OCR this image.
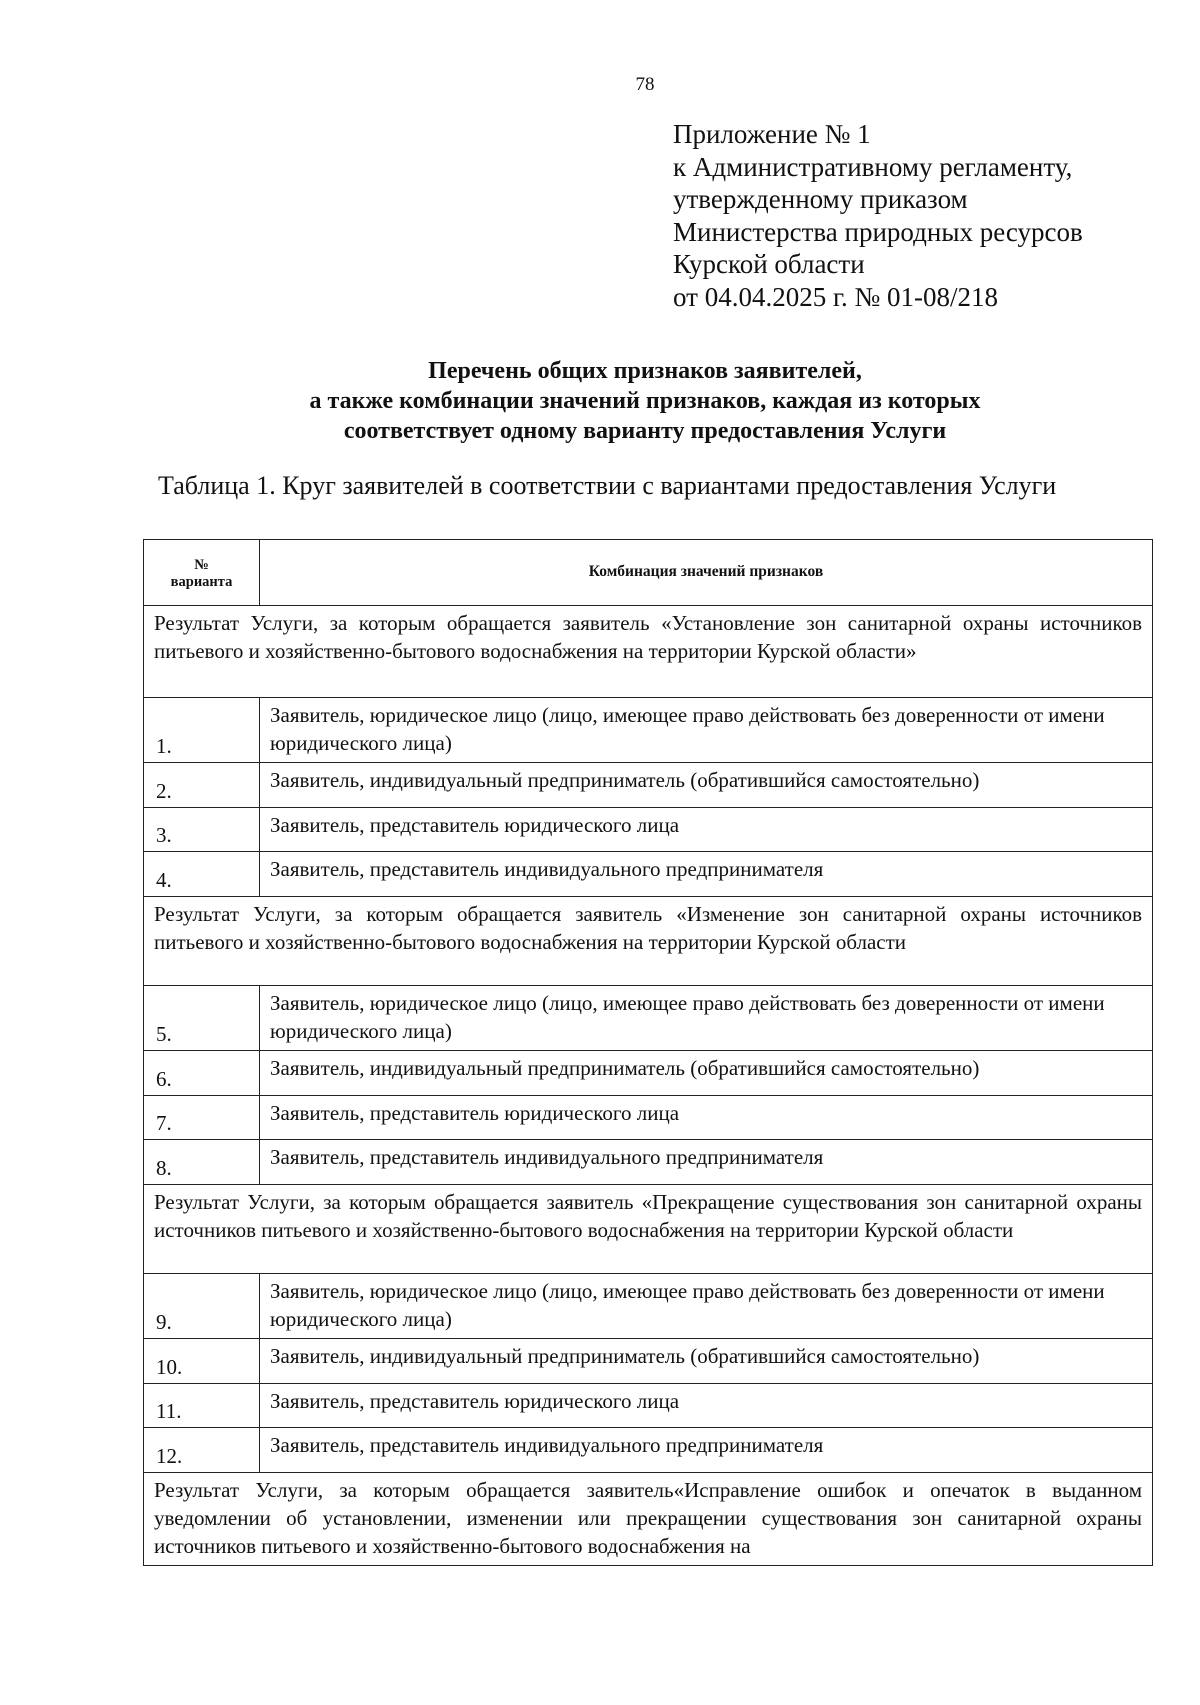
78
Приложение № 1
к Административному регламенту,
утвержденному приказом
Министерства природных ресурсов
Курской области
от 04.04.2025 г. № 01-08/218
Перечень общих признаков заявителей,
а также комбинации значений признаков, каждая из которых
соответствует одному варианту предоставления Услуги
Таблица 1. Круг заявителей в соответствии с вариантами предоставления Услуги
№
варианта	Комбинация значений признаков
Результат Услуги, за которым обращается заявитель «Установление зон санитарной охраны источников питьевого и хозяйственно-бытового водоснабжения на территории Курской области»	
1.	Заявитель, юридическое лицо (лицо, имеющее право действовать без доверенности от имени юридического лица)
2.	Заявитель, индивидуальный предприниматель (обратившийся самостоятельно)
3.	Заявитель, представитель юридического лица
4.	Заявитель, представитель индивидуального предпринимателя
Результат Услуги, за которым обращается заявитель «Изменение зон санитарной охраны источников питьевого и хозяйственно-бытового водоснабжения на территории Курской области	
5.	Заявитель, юридическое лицо (лицо, имеющее право действовать без доверенности от имени юридического лица)
6.	Заявитель, индивидуальный предприниматель (обратившийся самостоятельно)
7.	Заявитель, представитель юридического лица
8.	Заявитель, представитель индивидуального предпринимателя
Результат Услуги, за которым обращается заявитель «Прекращение существования зон санитарной охраны источников питьевого и хозяйственно-бытового водоснабжения на территории Курской области	
9.	Заявитель, юридическое лицо (лицо, имеющее право действовать без доверенности от имени юридического лица)
10.	Заявитель, индивидуальный предприниматель (обратившийся самостоятельно)
11.	Заявитель, представитель юридического лица
12.	Заявитель, представитель индивидуального предпринимателя
Результат Услуги, за которым обращается заявитель«Исправление ошибок и опечаток в выданном уведомлении об установлении, изменении или прекращении существования зон санитарной охраны источников питьевого и хозяйственно-бытового водоснабжения на	
